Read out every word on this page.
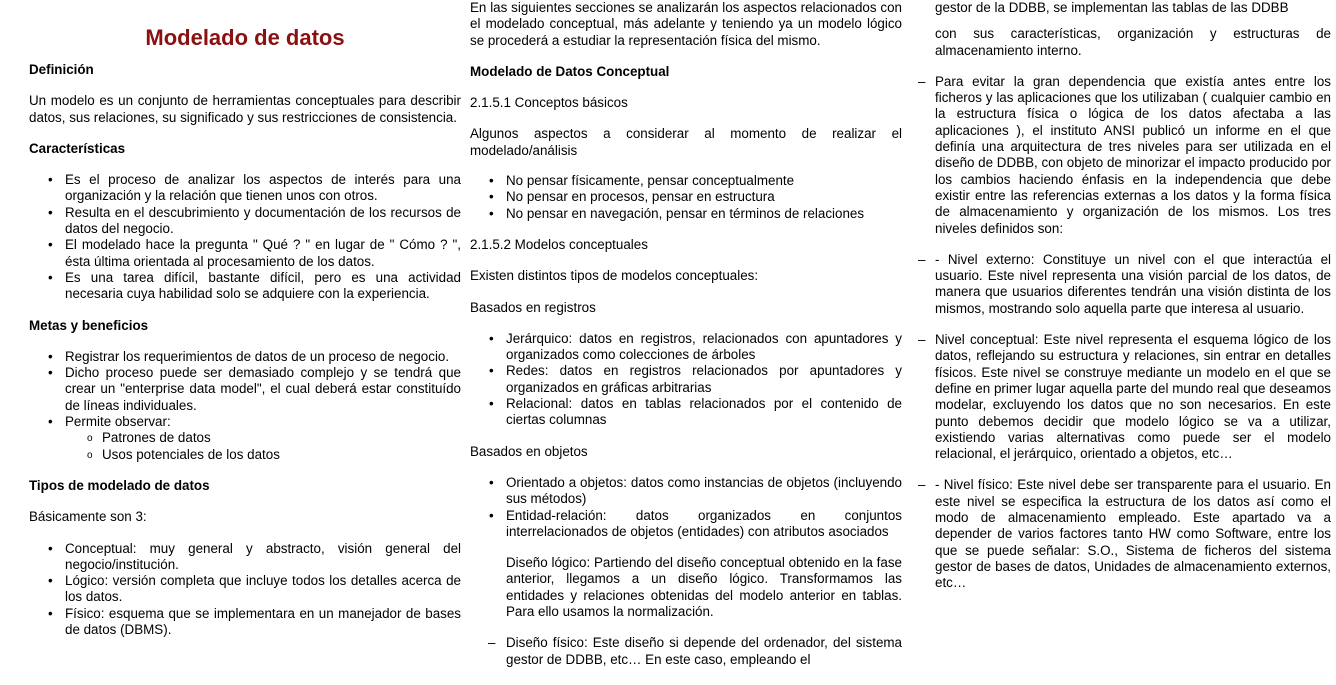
Modelado de datos

Definición

Un modelo es un conjunto de herramientas conceptuales para describir datos, sus relaciones, su significado y sus restricciones de consistencia.

Características

• Es el proceso de analizar los aspectos de interés para una organización y la relación que tienen unos con otros.
• Resulta en el descubrimiento y documentación de los recursos de datos del negocio.
• El modelado hace la pregunta " Qué ? " en lugar de " Cómo ? ", ésta última orientada al procesamiento de los datos.
• Es una tarea difícil, bastante difícil, pero es una actividad necesaria cuya habilidad solo se adquiere con la experiencia.

Metas y beneficios

• Registrar los requerimientos de datos de un proceso de negocio.
• Dicho proceso puede ser demasiado complejo y se tendrá que crear un "enterprise data model", el cual deberá estar constituído de líneas individuales.
• Permite observar:
o Patrones de datos
o Usos potenciales de los datos

Tipos de modelado de datos

Básicamente son 3:

• Conceptual: muy general y abstracto, visión general del negocio/institución.
• Lógico: versión completa que incluye todos los detalles acerca de los datos.
• Físico: esquema que se implementara en un manejador de bases de datos (DBMS).

En las siguientes secciones se analizarán los aspectos relacionados con el modelado conceptual, más adelante y teniendo ya un modelo lógico se procederá a estudiar la representación física del mismo.

Modelado de Datos Conceptual

2.1.5.1 Conceptos básicos

Algunos aspectos a considerar al momento de realizar el modelado/análisis

• No pensar físicamente, pensar conceptualmente
• No pensar en procesos, pensar en estructura
• No pensar en navegación, pensar en términos de relaciones

2.1.5.2 Modelos conceptuales

Existen distintos tipos de modelos conceptuales:

Basados en registros

• Jerárquico: datos en registros, relacionados con apuntadores y organizados como colecciones de árboles
• Redes: datos en registros relacionados por apuntadores y organizados en gráficas arbitrarias
• Relacional: datos en tablas relacionados por el contenido de ciertas columnas

Basados en objetos

• Orientado a objetos: datos como instancias de objetos (incluyendo sus métodos)
• Entidad-relación: datos organizados en conjuntos interrelacionados de objetos (entidades) con atributos asociados

Diseño lógico: Partiendo del diseño conceptual obtenido en la fase anterior, llegamos a un diseño lógico. Transformamos las entidades y relaciones obtenidas del modelo anterior en tablas. Para ello usamos la normalización.

– Diseño físico: Este diseño si depende del ordenador, del sistema gestor de DDBB, etc… En este caso, empleando el

gestor de la DDBB, se implementan las tablas de las DDBB

con sus características, organización y estructuras de almacenamiento interno.

– Para evitar la gran dependencia que existía antes entre los ficheros y las aplicaciones que los utilizaban ( cualquier cambio en la estructura física o lógica de los datos afectaba a las aplicaciones ), el instituto ANSI publicó un informe en el que definía una arquitectura de tres niveles para ser utilizada en el diseño de DDBB, con objeto de minorizar el impacto producido por los cambios haciendo énfasis en la independencia que debe existir entre las referencias externas a los datos y la forma física de almacenamiento y organización de los mismos. Los tres niveles definidos son:

– - Nivel externo: Constituye un nivel con el que interactúa el usuario. Este nivel representa una visión parcial de los datos, de manera que usuarios diferentes tendrán una visión distinta de los mismos, mostrando solo aquella parte que interesa al usuario.

– Nivel conceptual: Este nivel representa el esquema lógico de los datos, reflejando su estructura y relaciones, sin entrar en detalles físicos. Este nivel se construye mediante un modelo en el que se define en primer lugar aquella parte del mundo real que deseamos modelar, excluyendo los datos que no son necesarios. En este punto debemos decidir que modelo lógico se va a utilizar, existiendo varias alternativas como puede ser el modelo relacional, el jerárquico, orientado a objetos, etc…

– - Nivel físico: Este nivel debe ser transparente para el usuario. En este nivel se especifica la estructura de los datos así como el modo de almacenamiento empleado. Este apartado va a depender de varios factores tanto HW como Software, entre los que se puede señalar: S.O., Sistema de ficheros del sistema gestor de bases de datos, Unidades de almacenamiento externos, etc…
